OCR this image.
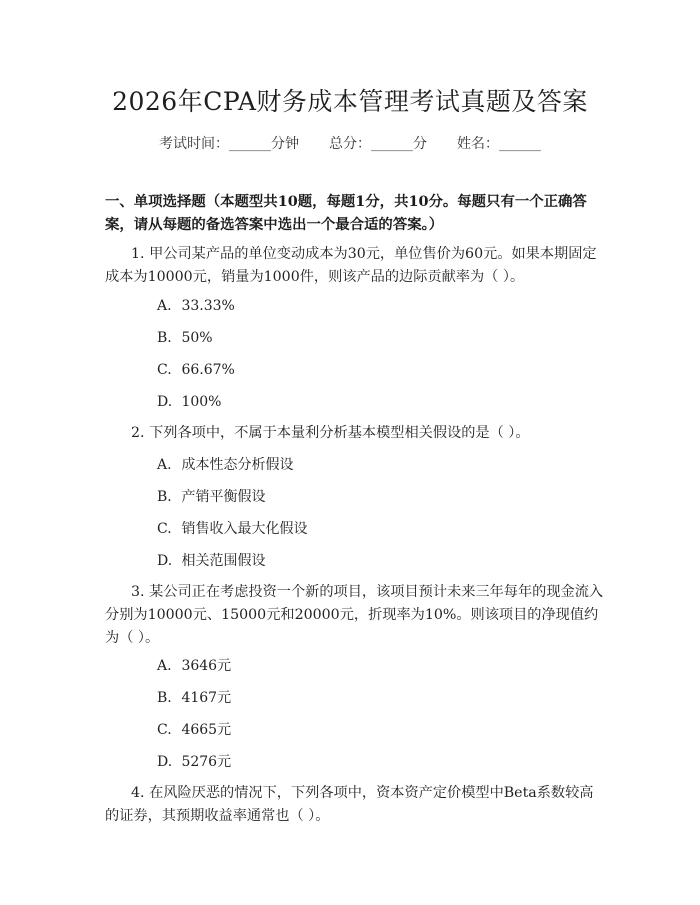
2026年CPA财务成本管理考试真题及答案
考试时间：______分钟 总分：______分 姓名：______
一、单项选择题（本题型共10题，每题1分，共10分。每题只有一个正确答案，请从每题的备选答案中选出一个最合适的答案。）
1. 甲公司某产品的单位变动成本为30元，单位售价为60元。如果本期固定成本为10000元，销量为1000件，则该产品的边际贡献率为（ ）。
A. 33.33%
B. 50%
C. 66.67%
D. 100%
2. 下列各项中，不属于本量利分析基本模型相关假设的是（ ）。
A. 成本性态分析假设
B. 产销平衡假设
C. 销售收入最大化假设
D. 相关范围假设
3. 某公司正在考虑投资一个新的项目，该项目预计未来三年每年的现金流入分别为10000元、15000元和20000元，折现率为10%。则该项目的净现值约为（ ）。
A. 3646元
B. 4167元
C. 4665元
D. 5276元
4. 在风险厌恶的情况下，下列各项中，资本资产定价模型中Beta系数较高的证券，其预期收益率通常也（ ）。
